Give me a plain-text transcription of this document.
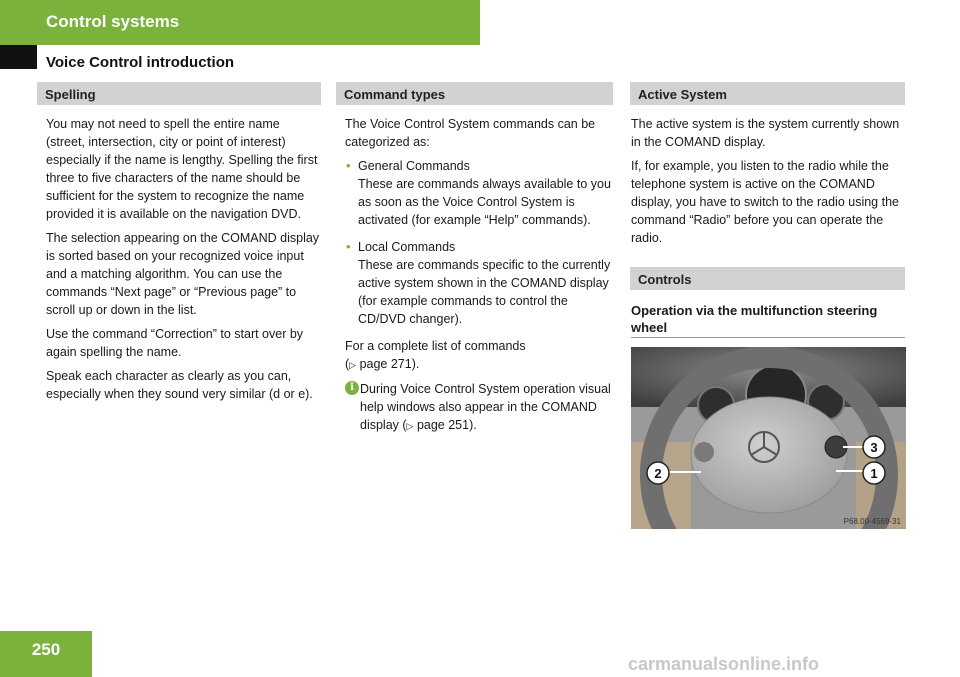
Control systems
Voice Control introduction
Spelling

You may not need to spell the entire name (street, intersection, city or point of interest) especially if the name is lengthy. Spelling the first three to five characters of the name should be sufficient for the system to recognize the name provided it is available on the navigation DVD.

The selection appearing on the COMAND display is sorted based on your recognized voice input and a matching algorithm. You can use the commands “Next page” or “Previous page” to scroll up or down in the list.

Use the command “Correction” to start over by again spelling the name.

Speak each character as clearly as you can, especially when they sound very similar (d or e).

Command types

The Voice Control System commands can be categorized as:

• General Commands
These are commands always available to you as soon as the Voice Control System is activated (for example “Help” commands).
• Local Commands
These are commands specific to the currently active system shown in the COMAND display (for example commands to control the CD/DVD changer).

For a complete list of commands
(▷ page 271).

i During Voice Control System operation visual help windows also appear in the COMAND display (▷ page 251).
Active System

The active system is the system currently shown in the COMAND display.

If, for example, you listen to the radio while the telephone system is active on the COMAND display, you have to switch to the radio using the command “Radio” before you can operate the radio.

Controls
Operation via the multifunction steering wheel
3
2	1
P68.00-4569-31
250
carmanualsonline.info
